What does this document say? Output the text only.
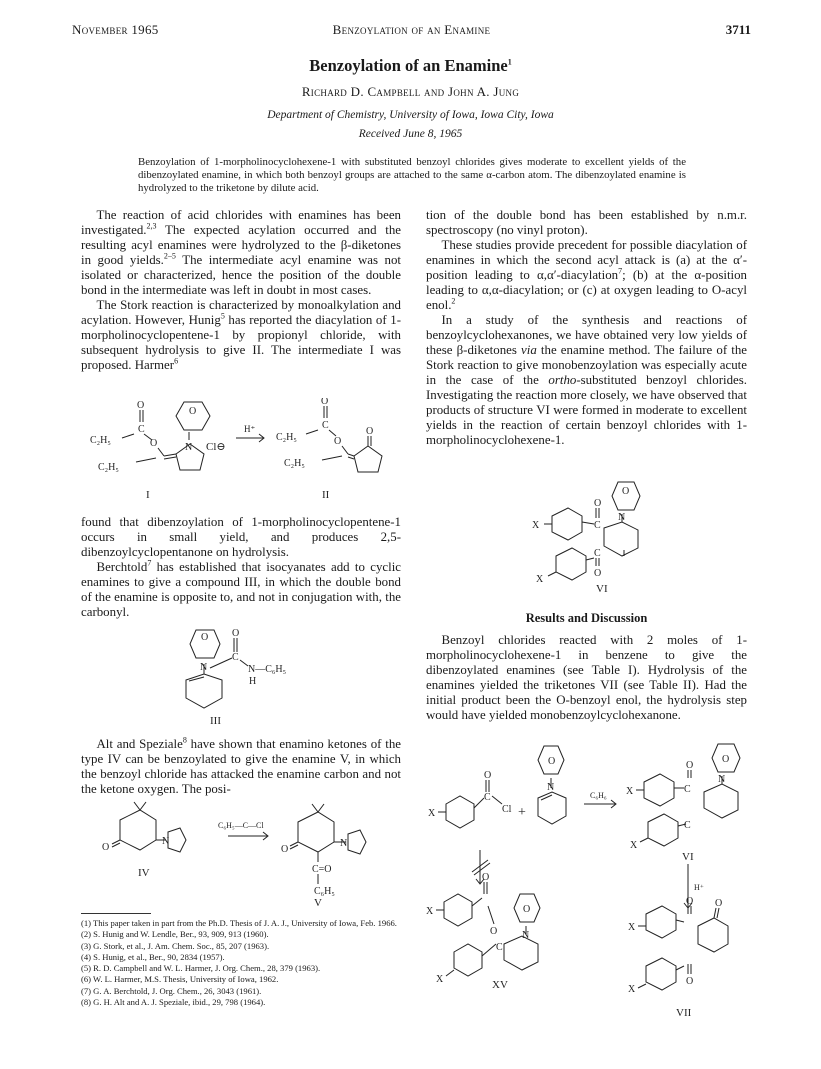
November 1965	Benzoylation of an Enamine	3711
Benzoylation of an Enamine$^1$
Richard D. Campbell and John A. Jung
Department of Chemistry, University of Iowa, Iowa City, Iowa
Received June 8, 1965
Benzoylation of 1-morpholinocyclohexene-1 with substituted benzoyl chlorides gives moderate to excellent yields of the dibenzoylated enamine, in which both benzoyl groups are attached to the same α-carbon atom. The dibenzoylated enamine is hydrolyzed to the triketone by dilute acid.

The reaction of acid chlorides with enamines has been investigated.$^{2,3}$ The expected acylation occurred and the resulting acyl enamines were hydrolyzed to the β-diketones in good yields.$^{2-5}$ The intermediate acyl enamine was not isolated or characterized, hence the position of the double bond in the intermediate was left in doubt in most cases.

The Stork reaction is characterized by monoalkylation and acylation. However, Hunig$^5$ has reported the diacylation of 1-morpholinocyclopentene-1 by propionyl chloride, with subsequent hydrolysis to give II. The intermediate I was proposed. Harmer$^6$

O
C
C₂H₅	O
O
N Cl⊖
C₂H₅
H⁺
O
C
C₂H₅	O
O
C₂H₅
I	II

found that dibenzoylation of 1-morpholinocyclopentene-1 occurs in small yield, and produces 2,5-dibenzoylcyclopentanone on hydrolysis.

Berchtold$^7$ has established that isocyanates add to cyclic enamines to give a compound III, in which the double bond of the enamine is opposite to, and not in conjugation with, the carbonyl.

O
N
O
C
N—C₆H₅
H
III

Alt and Speziale$^8$ have shown that enamino ketones of the type IV can be benzoylated to give the enamine V, in which the benzoyl chloride has attacked the enamine carbon and not the ketone oxygen. The posi-

O
N
C₆H₅—C—Cl
O
N
C=O
C₆H₅
IV
V
(1) This paper taken in part from the Ph.D. Thesis of J. A. J., University of Iowa, Feb. 1966.
(2) S. Hunig and W. Lendle, Ber., 93, 909, 913 (1960).
(3) G. Stork, et al., J. Am. Chem. Soc., 85, 207 (1963).
(4) S. Hunig, et al., Ber., 90, 2834 (1957).
(5) R. D. Campbell and W. L. Harmer, J. Org. Chem., 28, 379 (1963).
(6) W. L. Harmer, M.S. Thesis, University of Iowa, 1962.
(7) G. A. Berchtold, J. Org. Chem., 26, 3043 (1961).
(8) G. H. Alt and A. J. Speziale, ibid., 29, 798 (1964).

tion of the double bond has been established by n.m.r. spectroscopy (no vinyl proton).

These studies provide precedent for possible diacylation of enamines in which the second acyl attack is (a) at the α′-position leading to α,α′-diacylation$^7$; (b) at the α-position leading to α,α-diacylation; or (c) at oxygen leading to O-acyl enol.$^2$

In a study of the synthesis and reactions of benzoylcyclohexanones, we have obtained very low yields of these β-diketones via the enamine method. The failure of the Stork reaction to give monobenzoylation was especially acute in the case of the ortho-substituted benzoyl chlorides. Investigating the reaction more closely, we have observed that products of structure VI were formed in moderate to excellent yields in the reaction of certain benzoyl chlorides with 1-morpholinocyclohexene-1.

O
N
O
C
C
O
X
X
VI
Results and Discussion

Benzoyl chlorides reacted with 2 moles of 1-morpholinocyclohexene-1 in benzene to give the dibenzoylated enamines (see Table I). Hydrolysis of the enamines yielded the triketones VII (see Table II). Had the initial product been the O-benzoyl enol, the hydrolysis step would have yielded monobenzoylcyclohexanone.

X
O
C
Cl +
O
N
C₆H₆
O
N
O
C
C
X
X
VI
H⁺
X
O
O
C
O
N
X	XV
X
O O
X
O
VII
